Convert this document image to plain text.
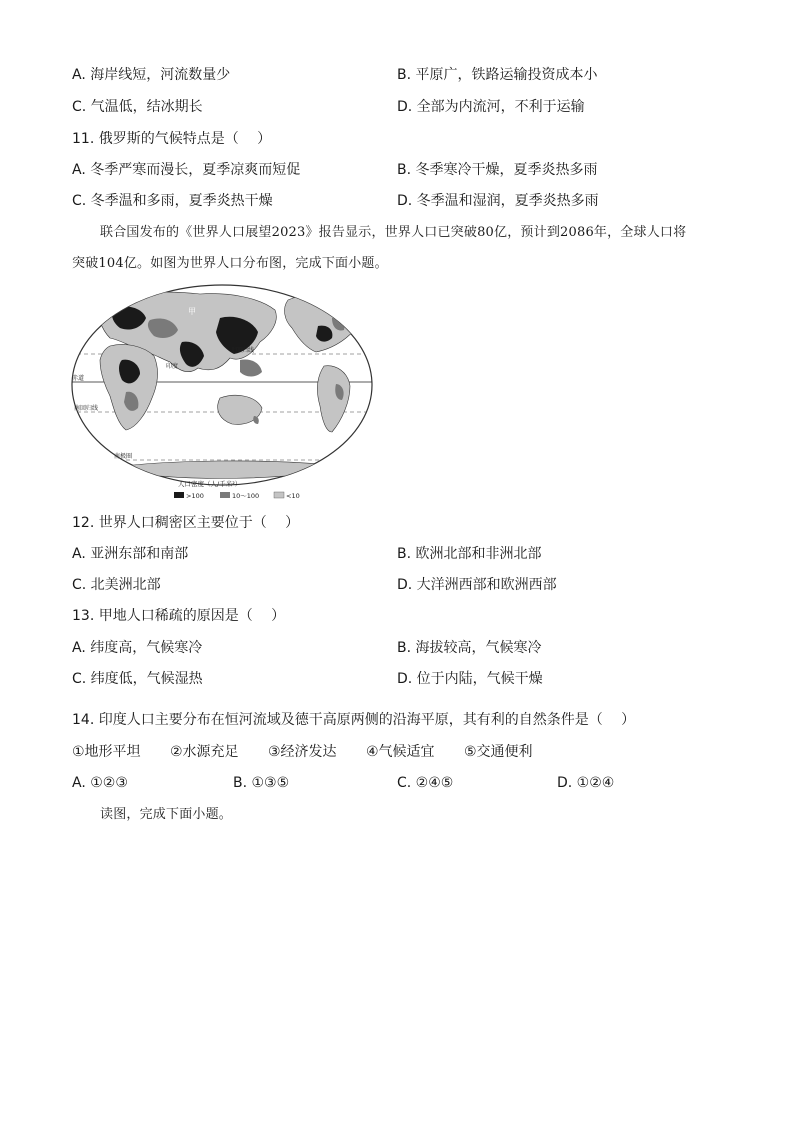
A. 海岸线短，河流数量少	B. 平原广，铁路运输投资成本小
C. 气温低，结冰期长	D. 全部为内流河，不利于运输
11. 俄罗斯的气候特点是（　 ）
A. 冬季严寒而漫长，夏季凉爽而短促	B. 冬季寒冷干燥，夏季炎热多雨
C. 冬季温和多雨，夏季炎热干燥	D. 冬季温和湿润，夏季炎热多雨
联合国发布的《世界人口展望2023》报告显示，世界人口已突破80亿，预计到2086年，全球人口将
突破104亿。如图为世界人口分布图，完成下面小题。
甲
北回归线
赤道
南回归线
南极圈
印度
人口密度（人/千米²）
>100	10～100	<10
12. 世界人口稠密区主要位于（　 ）
A. 亚洲东部和南部	B. 欧洲北部和非洲北部
C. 北美洲北部	D. 大洋洲西部和欧洲西部
13. 甲地人口稀疏的原因是（　 ）
A. 纬度高，气候寒冷	B. 海拔较高，气候寒冷
C. 纬度低，气候湿热	D. 位于内陆，气候干燥
14. 印度人口主要分布在恒河流域及德干高原两侧的沿海平原，其有利的自然条件是（　 ）
①地形平坦 ②水源充足 ③经济发达 ④气候适宜 ⑤交通便利
A. ①②③	B. ①③⑤	C. ②④⑤	D. ①②④
读图，完成下面小题。
